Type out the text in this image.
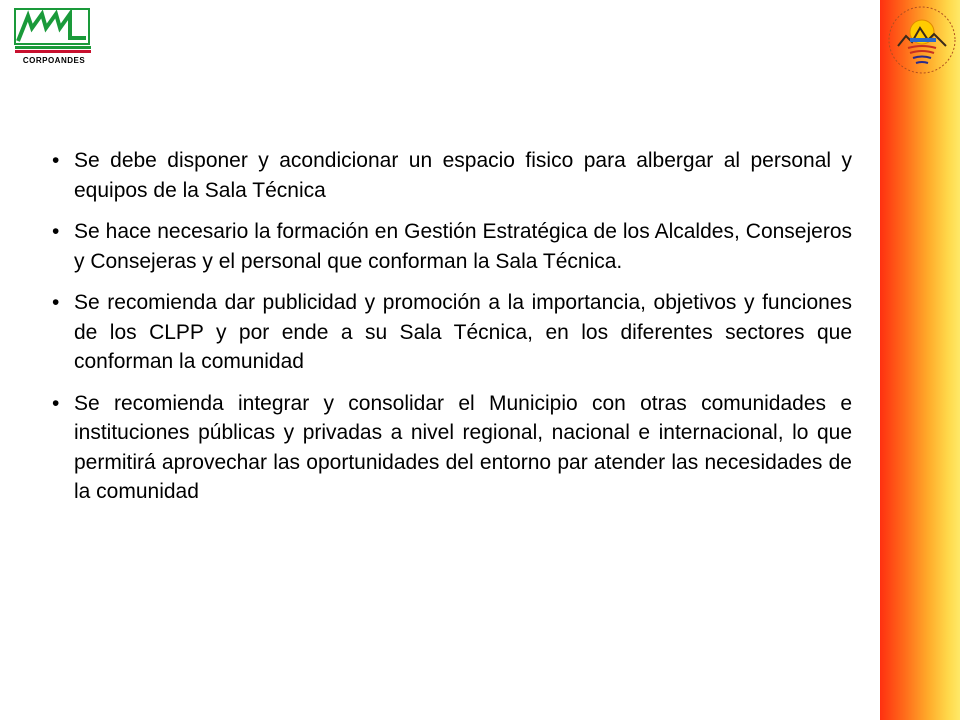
CORPOANDES
• Se debe disponer y acondicionar un espacio fisico para albergar al personal y equipos de la Sala Técnica
• Se hace necesario la formación en Gestión Estratégica de los Alcaldes, Consejeros y Consejeras y el personal que conforman la Sala Técnica.
• Se recomienda dar publicidad y promoción a la importancia, objetivos y funciones de los CLPP y por ende a su Sala Técnica, en los diferentes sectores que conforman la comunidad
• Se recomienda integrar y consolidar el Municipio con otras comunidades e instituciones públicas y privadas a nivel regional, nacional e internacional, lo que permitirá aprovechar las oportunidades del entorno par atender las necesidades de la comunidad
